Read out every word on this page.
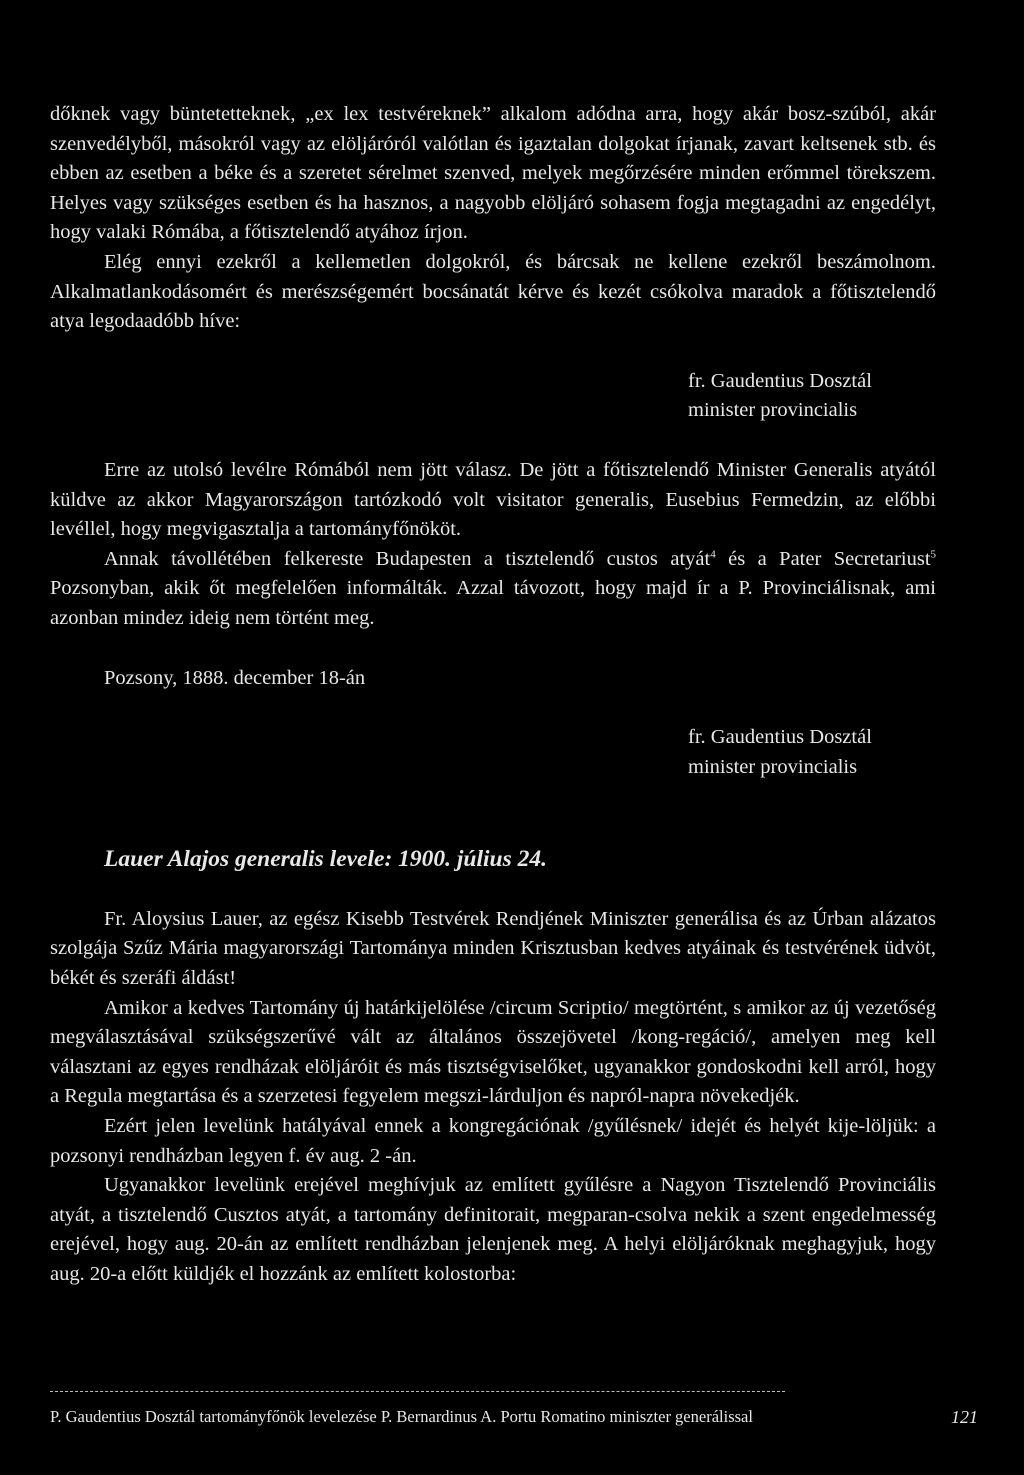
dőknek vagy büntetetteknek, „ex lex testvéreknek” alkalom adódna arra, hogy akár bosz-szúból, akár szenvedélyből, másokról vagy az elöljáróról valótlan és igaztalan dolgokat írjanak, zavart keltsenek stb. és ebben az esetben a béke és a szeretet sérelmet szenved, melyek megőrzésére minden erőmmel törekszem. Helyes vagy szükséges esetben és ha hasznos, a nagyobb elöljáró sohasem fogja megtagadni az engedélyt, hogy valaki Rómába, a főtisztelendő atyához írjon.

Elég ennyi ezekről a kellemetlen dolgokról, és bárcsak ne kellene ezekről beszámolnom. Alkalmatlankodásomért és merészségemért bocsánatát kérve és kezét csókolva maradok a főtisztelendő atya legodaadóbb híve:

fr. Gaudentius Dosztál
minister provincialis

Erre az utolsó levélre Rómából nem jött válasz. De jött a főtisztelendő Minister Generalis atyától küldve az akkor Magyarországon tartózkodó volt visitator generalis, Eusebius Fermedzin, az előbbi levéllel, hogy megvigasztalja a tartományfőnököt.

Annak távollétében felkereste Budapesten a tisztelendő custos atyát$^4$ és a Pater Secretariust$^5$ Pozsonyban, akik őt megfelelően informálták. Azzal távozott, hogy majd ír a P. Provinciálisnak, ami azonban mindez ideig nem történt meg.

Pozsony, 1888. december 18-án
fr. Gaudentius Dosztál
minister provincialis
Lauer Alajos generalis levele: 1900. július 24.

Fr. Aloysius Lauer, az egész Kisebb Testvérek Rendjének Miniszter generálisa és az Úrban alázatos szolgája Szűz Mária magyarországi Tartománya minden Krisztusban kedves atyáinak és testvérének üdvöt, békét és szeráfi áldást!

Amikor a kedves Tartomány új határkijelölése /circum Scriptio/ megtörtént, s amikor az új vezetőség megválasztásával szükségszerűvé vált az általános összejövetel /kong-regáció/, amelyen meg kell választani az egyes rendházak elöljáróit és más tisztségviselőket, ugyanakkor gondoskodni kell arról, hogy a Regula megtartása és a szerzetesi fegyelem megszi-lárduljon és napról-napra növekedjék.

Ezért jelen levelünk hatályával ennek a kongregációnak /gyűlésnek/ idejét és helyét kije-löljük: a pozsonyi rendházban legyen f. év aug. 2 -án.

Ugyanakkor levelünk erejével meghívjuk az említett gyűlésre a Nagyon Tisztelendő Provinciális atyát, a tisztelendő Cusztos atyát, a tartomány definitorait, megparan-csolva nekik a szent engedelmesség erejével, hogy aug. 20-án az említett rendházban jelenjenek meg. A helyi elöljáróknak meghagyjuk, hogy aug. 20-a előtt küldjék el hozzánk az említett kolostorba:

P. Gaudentius Dosztál tartományfőnök levelezése P. Bernardinus A. Portu Romatino miniszter generálissal	121
